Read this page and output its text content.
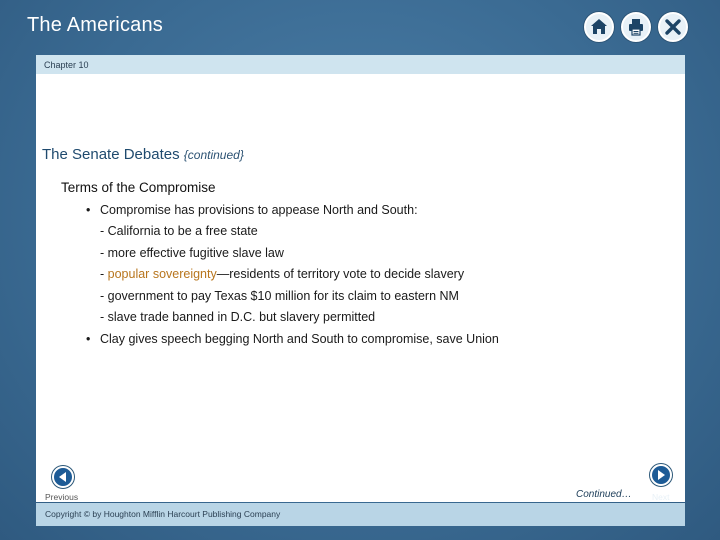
The Americans
Chapter 10
The Senate Debates {continued}
Terms of the Compromise
• Compromise has provisions to appease North and South:
- California to be a free state
- more effective fugitive slave law
- popular sovereignty—residents of territory vote to decide slavery
- government to pay Texas $10 million for its claim to eastern NM
- slave trade banned in D.C. but slavery permitted
• Clay gives speech begging North and South to compromise, save Union
Previous	Continued… Next
Copyright © by Houghton Mifflin Harcourt Publishing Company
